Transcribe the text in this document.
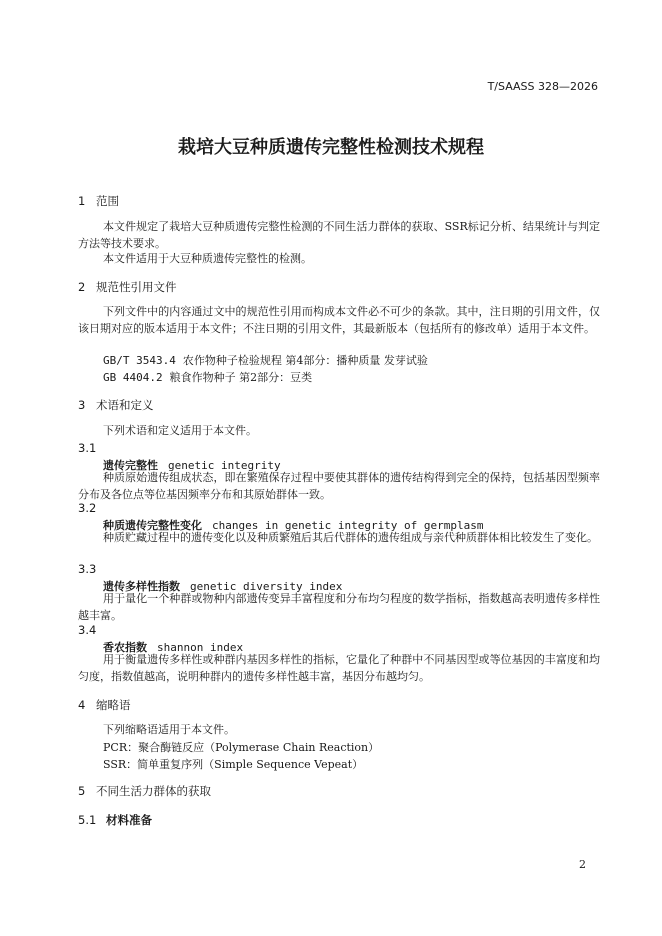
T/SAASS 328—2026
栽培大豆种质遗传完整性检测技术规程
1 范围

本文件规定了栽培大豆种质遗传完整性检测的不同生活力群体的获取、SSR标记分析、结果统计与判定方法等技术要求。

本文件适用于大豆种质遗传完整性的检测。

2 规范性引用文件

下列文件中的内容通过文中的规范性引用而构成本文件必不可少的条款。其中，注日期的引用文件，仅该日期对应的版本适用于本文件；不注日期的引用文件，其最新版本（包括所有的修改单）适用于本文件。

GB/T 3543.4 农作物种子检验规程 第4部分：播种质量 发芽试验
GB 4404.2 粮食作物种子 第2部分：豆类
3 术语和定义

下列术语和定义适用于本文件。

3.1
遗传完整性 genetic integrity

种质原始遗传组成状态，即在繁殖保存过程中要使其群体的遗传结构得到完全的保持，包括基因型频率分布及各位点等位基因频率分布和其原始群体一致。

3.2
种质遗传完整性变化 changes in genetic integrity of germplasm

种质贮藏过程中的遗传变化以及种质繁殖后其后代群体的遗传组成与亲代种质群体相比较发生了变化。

3.3
遗传多样性指数 genetic diversity index

用于量化一个种群或物种内部遗传变异丰富程度和分布均匀程度的数学指标，指数越高表明遗传多样性越丰富。

3.4
香农指数 shannon index

用于衡量遗传多样性或种群内基因多样性的指标，它量化了种群中不同基因型或等位基因的丰富度和均匀度，指数值越高，说明种群内的遗传多样性越丰富，基因分布越均匀。

4 缩略语

下列缩略语适用于本文件。

PCR：聚合酶链反应（Polymerase Chain Reaction）
SSR：简单重复序列（Simple Sequence Vepeat）
5 不同生活力群体的获取
5.1 材料准备
2
